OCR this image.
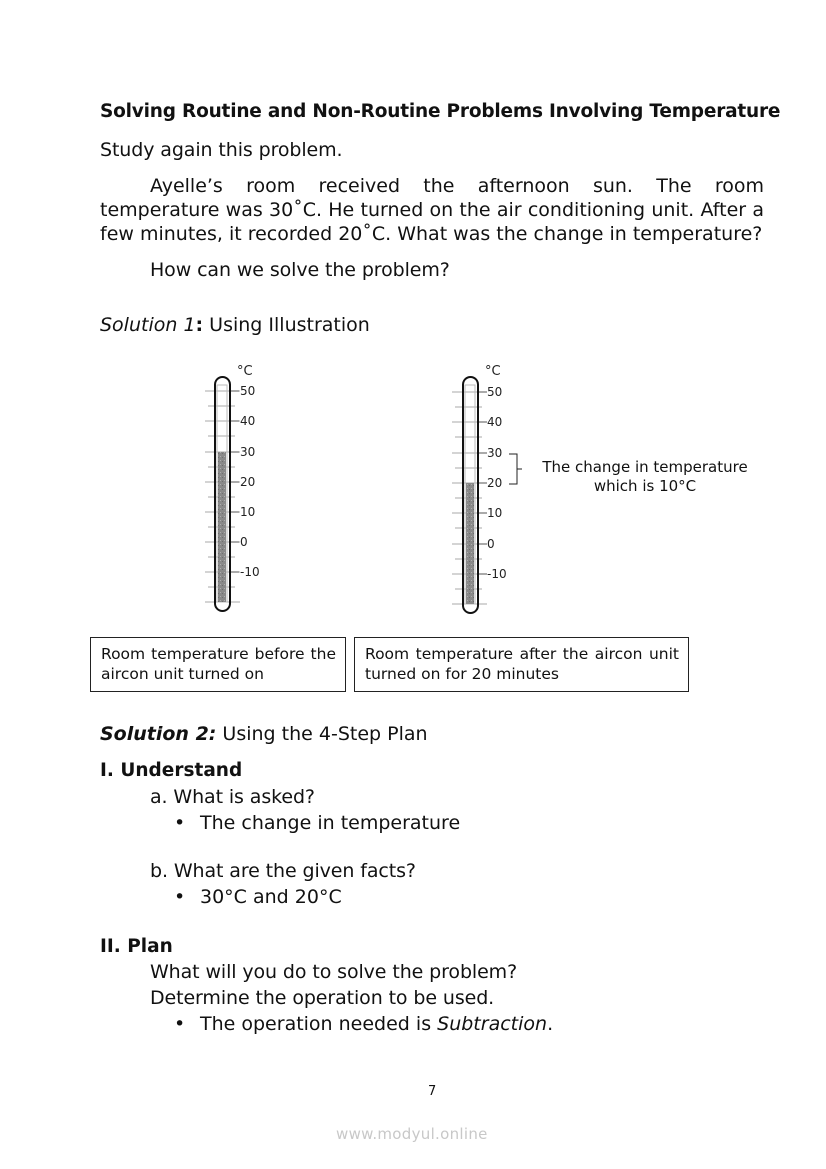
Solving Routine and Non-Routine Problems Involving Temperature
Study again this problem.
Ayelle’s room received the afternoon sun. The room temperature was 30˚C. He turned on the air conditioning unit. After a few minutes, it recorded 20˚C. What was the change in temperature?
How can we solve the problem?
Solution 1: Using Illustration
°C
50
40
30
20
10
0
-10
°C
50
40
30
20
10
0
-10
The change in temperature
which is 10°C
Room temperature before the aircon unit turned on
Room temperature after the aircon unit turned on for 20 minutes
Solution 2: Using the 4-Step Plan
I. Understand
a. What is asked?
• The change in temperature
b. What are the given facts?
• 30°C and 20°C
II. Plan
What will you do to solve the problem?
Determine the operation to be used.
• The operation needed is Subtraction.
7
www.modyul.online
